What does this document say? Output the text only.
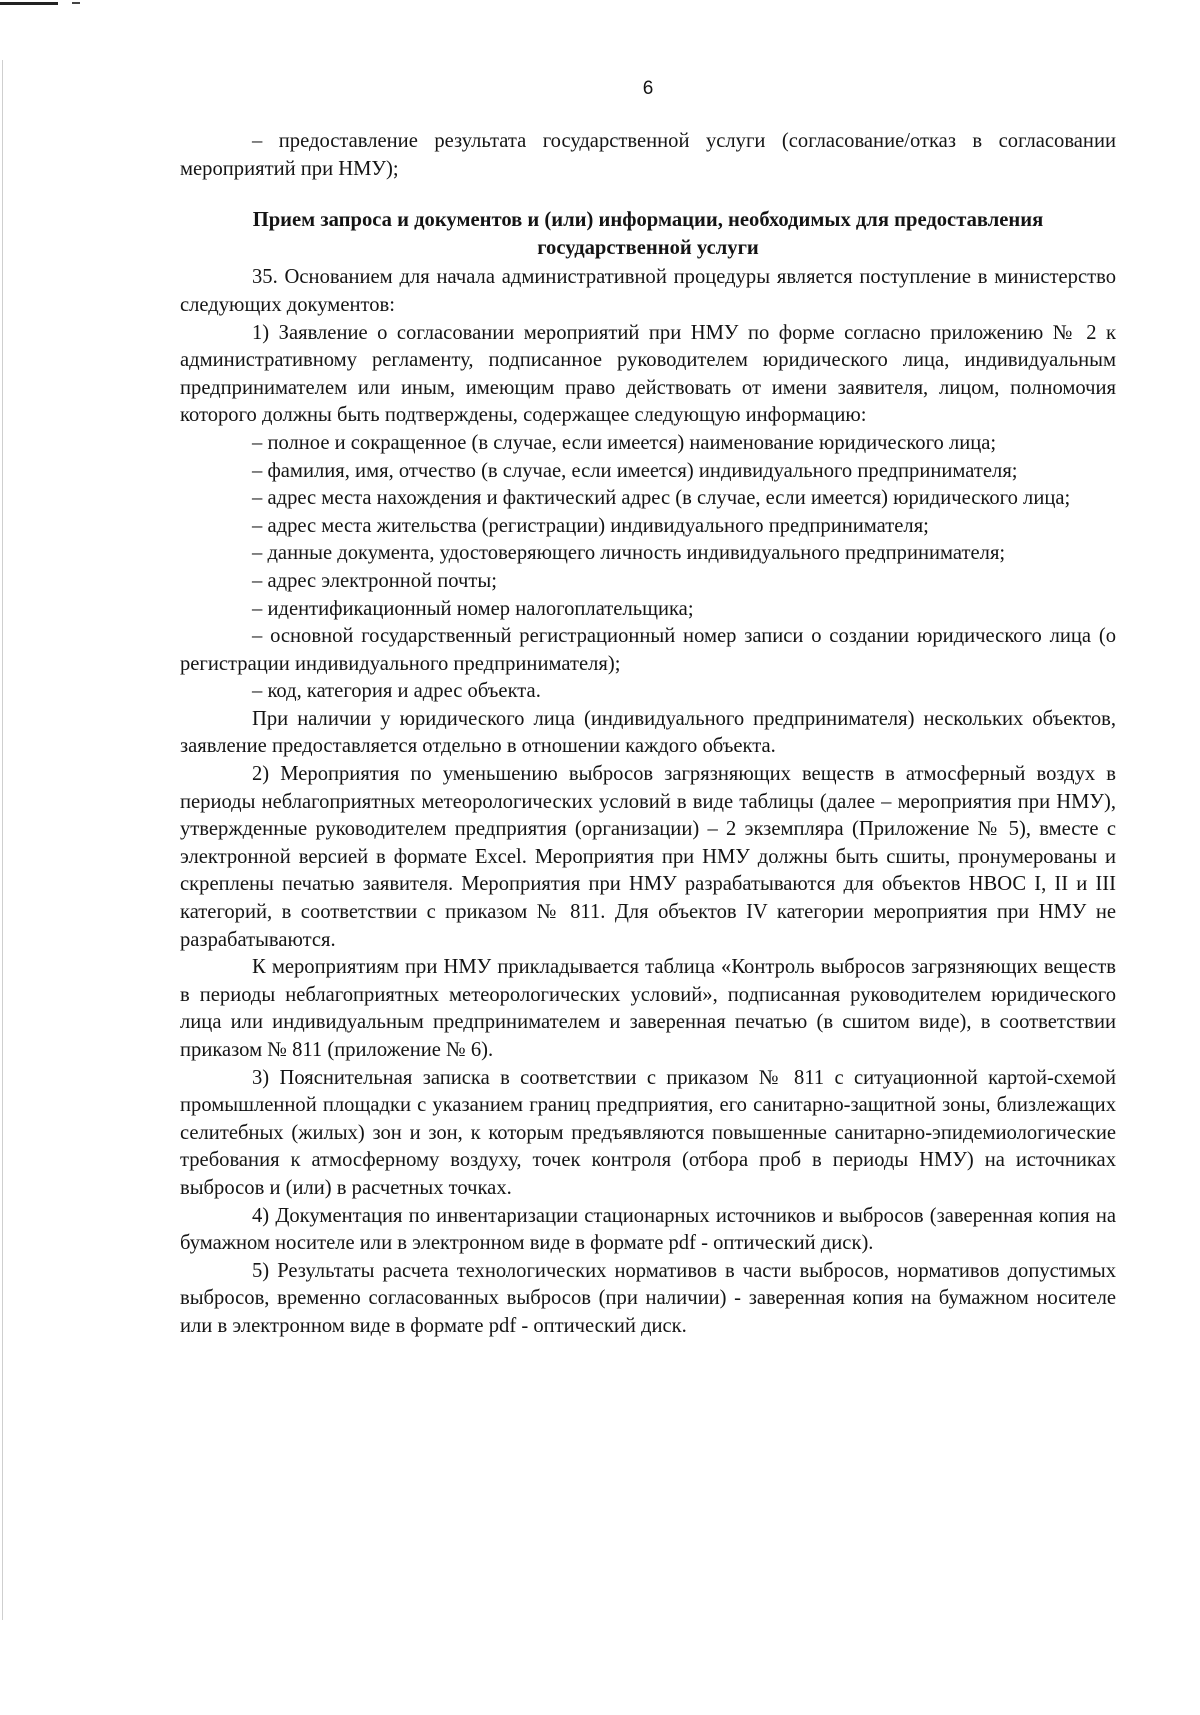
6

– предоставление результата государственной услуги (согласование/отказ в согласовании мероприятий при НМУ);

Прием запроса и документов и (или) информации, необходимых для предоставления государственной услуги

35. Основанием для начала административной процедуры является поступление в министерство следующих документов:

1) Заявление о согласовании мероприятий при НМУ по форме согласно приложению № 2 к административному регламенту, подписанное руководителем юридического лица, индивидуальным предпринимателем или иным, имеющим право действовать от имени заявителя, лицом, полномочия которого должны быть подтверждены, содержащее следующую информацию:

– полное и сокращенное (в случае, если имеется) наименование юридического лица;

– фамилия, имя, отчество (в случае, если имеется) индивидуального предпринимателя;

– адрес места нахождения и фактический адрес (в случае, если имеется) юридического лица;

– адрес места жительства (регистрации) индивидуального предпринимателя;

– данные документа, удостоверяющего личность индивидуального предпринимателя;

– адрес электронной почты;

– идентификационный номер налогоплательщика;

– основной государственный регистрационный номер записи о создании юридического лица (о регистрации индивидуального предпринимателя);

– код, категория и адрес объекта.

При наличии у юридического лица (индивидуального предпринимателя) нескольких объектов, заявление предоставляется отдельно в отношении каждого объекта.

2) Мероприятия по уменьшению выбросов загрязняющих веществ в атмосферный воздух в периоды неблагоприятных метеорологических условий в виде таблицы (далее – мероприятия при НМУ), утвержденные руководителем предприятия (организации) – 2 экземпляра (Приложение № 5), вместе с электронной версией в формате Excel. Мероприятия при НМУ должны быть сшиты, пронумерованы и скреплены печатью заявителя. Мероприятия при НМУ разрабатываются для объектов НВОС I, II и III категорий, в соответствии с приказом № 811. Для объектов IV категории мероприятия при НМУ не разрабатываются.

К мероприятиям при НМУ прикладывается таблица «Контроль выбросов загрязняющих веществ в периоды неблагоприятных метеорологических условий», подписанная руководителем юридического лица или индивидуальным предпринимателем и заверенная печатью (в сшитом виде), в соответствии приказом № 811 (приложение № 6).

3) Пояснительная записка в соответствии с приказом № 811 с ситуационной картой-схемой промышленной площадки с указанием границ предприятия, его санитарно-защитной зоны, близлежащих селитебных (жилых) зон и зон, к которым предъявляются повышенные санитарно-эпидемиологические требования к атмосферному воздуху, точек контроля (отбора проб в периоды НМУ) на источниках выбросов и (или) в расчетных точках.

4) Документация по инвентаризации стационарных источников и выбросов (заверенная копия на бумажном носителе или в электронном виде в формате pdf - оптический диск).

5) Результаты расчета технологических нормативов в части выбросов, нормативов допустимых выбросов, временно согласованных выбросов (при наличии) - заверенная копия на бумажном носителе или в электронном виде в формате pdf - оптический диск.
